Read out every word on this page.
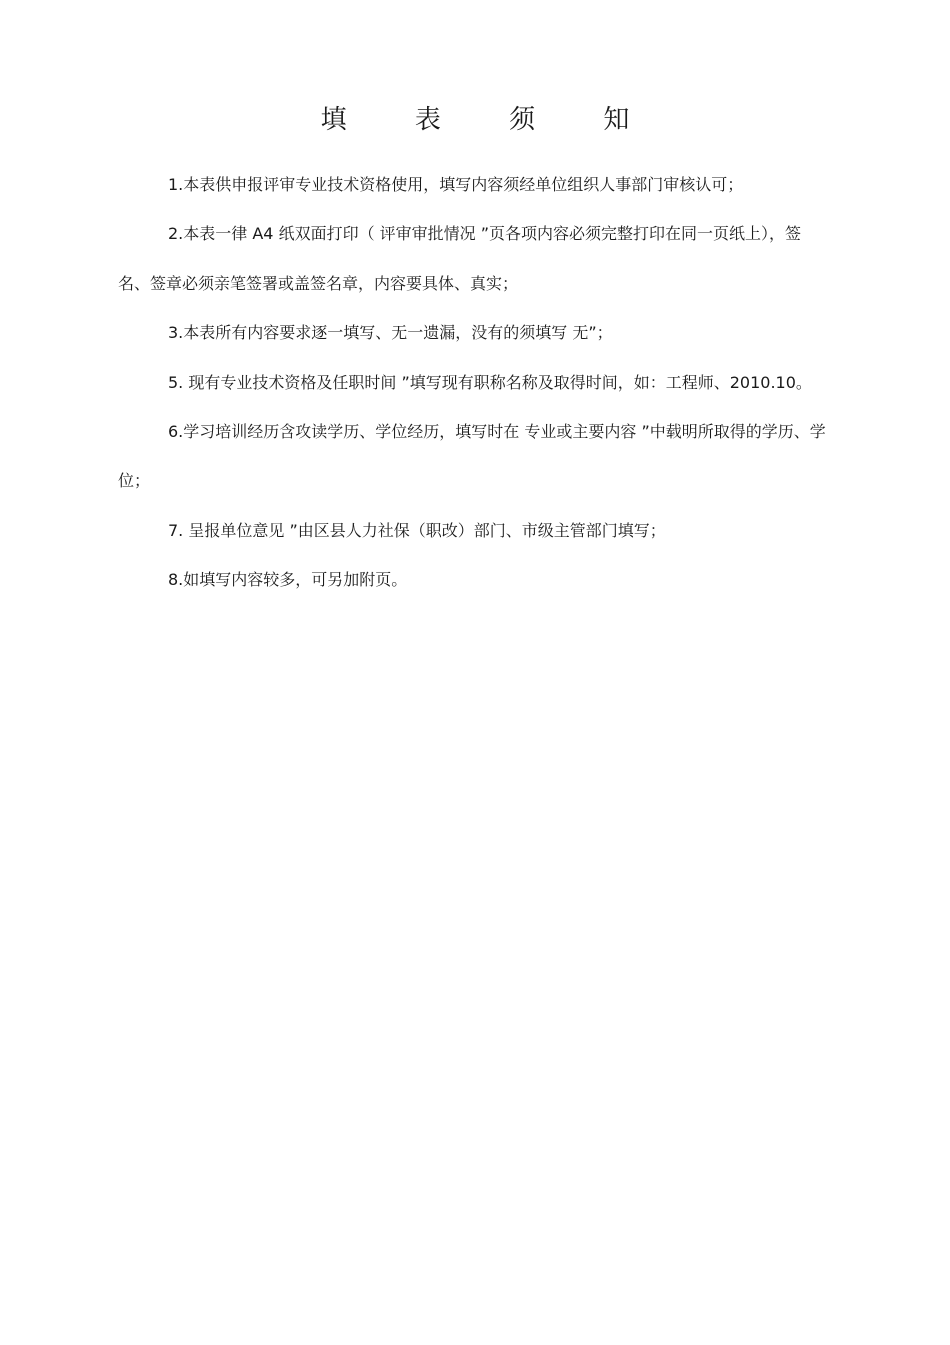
填 表 须 知

1.本表供申报评审专业技术资格使用，填写内容须经单位组织人事部门审核认可；

2.本表一律 A4 纸双面打印（ 评审审批情况 ”页各项内容必须完整打印在同一页纸上），签名、签章必须亲笔签署或盖签名章，内容要具体、真实；

3.本表所有内容要求逐一填写、无一遗漏，没有的须填写 无”；

5. 现有专业技术资格及任职时间 ”填写现有职称名称及取得时间，如：工程师、2010.10。

6.学习培训经历含攻读学历、学位经历，填写时在 专业或主要内容 ”中载明所取得的学历、学位；

7. 呈报单位意见 ”由区县人力社保（职改）部门、市级主管部门填写；

8.如填写内容较多，可另加附页。
